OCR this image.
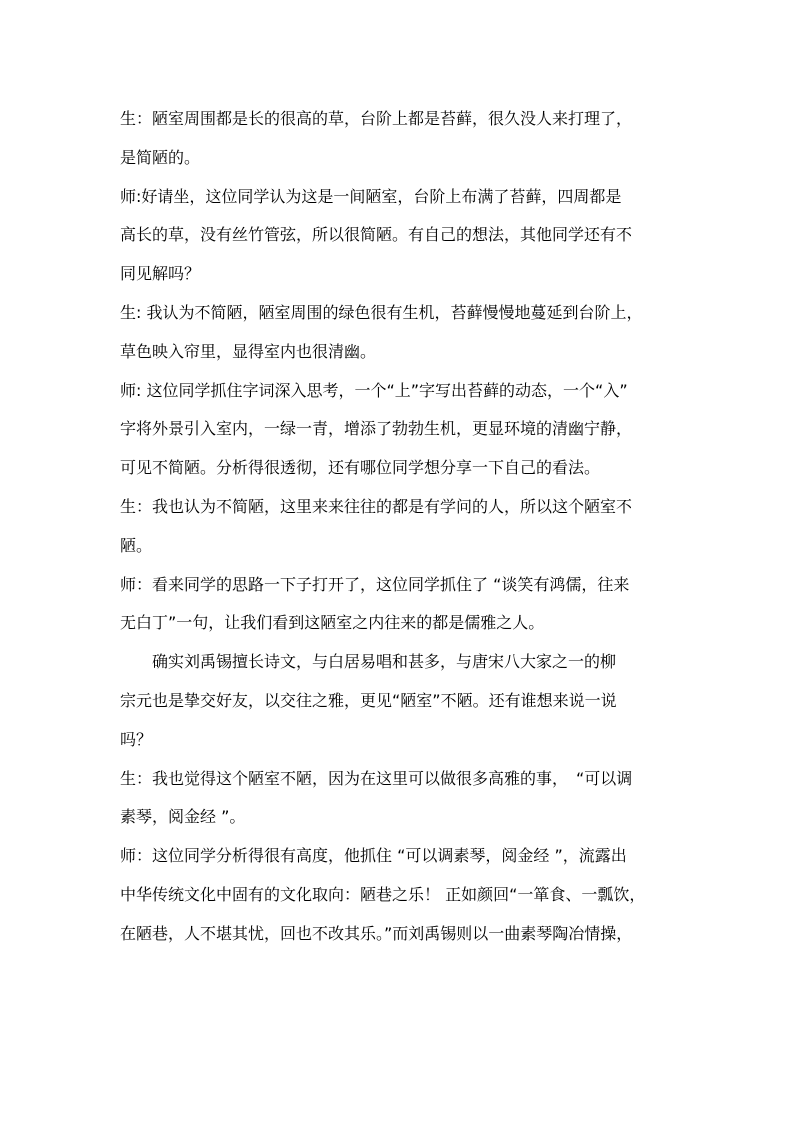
生：陋室周围都是长的很高的草，台阶上都是苔藓，很久没人来打理了，
是简陋的。
师:好请坐，这位同学认为这是一间陋室，台阶上布满了苔藓，四周都是
高长的草，没有丝竹管弦，所以很简陋。有自己的想法，其他同学还有不
同见解吗？
生: 我认为不简陋，陋室周围的绿色很有生机，苔藓慢慢地蔓延到台阶上，
草色映入帘里，显得室内也很清幽。
师: 这位同学抓住字词深入思考，一个“上”字写出苔藓的动态，一个“入”
字将外景引入室内，一绿一青，增添了勃勃生机，更显环境的清幽宁静，
可见不简陋。分析得很透彻，还有哪位同学想分享一下自己的看法。
生：我也认为不简陋，这里来来往往的都是有学问的人，所以这个陋室不
陋。
师：看来同学的思路一下子打开了，这位同学抓住了 “谈笑有鸿儒，往来
无白丁”一句，让我们看到这陋室之内往来的都是儒雅之人。
　　确实刘禹锡擅长诗文，与白居易唱和甚多，与唐宋八大家之一的柳
宗元也是挚交好友，以交往之雅，更见“陋室”不陋。还有谁想来说一说
吗？
生：我也觉得这个陋室不陋，因为在这里可以做很多高雅的事，　“可以调
素琴，阅金经 ”。
师：这位同学分析得很有高度，他抓住 “可以调素琴，阅金经 ”，流露出
中华传统文化中固有的文化取向：陋巷之乐！ 正如颜回“一箪食、一瓢饮，
在陋巷，人不堪其忧，回也不改其乐。”而刘禹锡则以一曲素琴陶冶情操，
